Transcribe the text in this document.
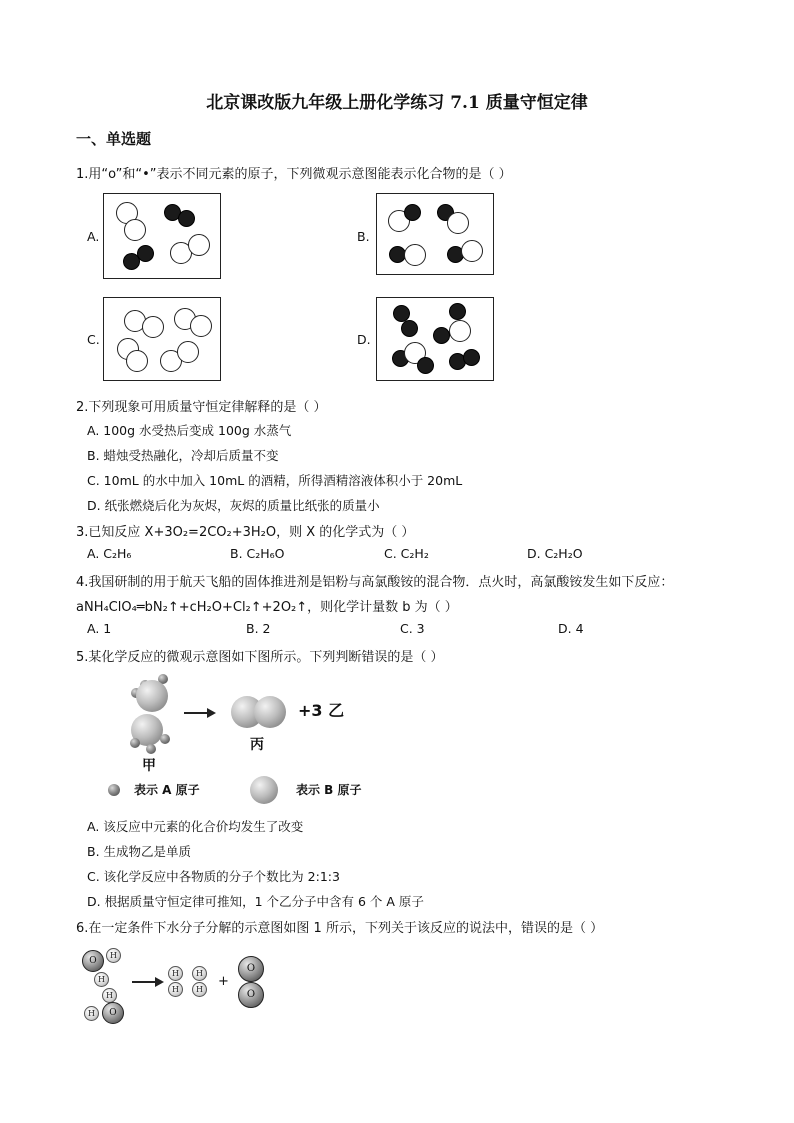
北京课改版九年级上册化学练习 7.1 质量守恒定律
一、单选题
1.用“o”和“•”表示不同元素的原子，下列微观示意图能表示化合物的是（ ）
A.	B.
C.	D.
2.下列现象可用质量守恒定律解释的是（ ）
A. 100g 水受热后变成 100g 水蒸气
B. 蜡烛受热融化，冷却后质量不变
C. 10mL 的水中加入 10mL 的酒精，所得酒精溶液体积小于 20mL
D. 纸张燃烧后化为灰烬，灰烬的质量比纸张的质量小
3.已知反应 X+3O₂=2CO₂+3H₂O，则 X 的化学式为（ ）
A. C₂H₆	B. C₂H₆O	C. C₂H₂	D. C₂H₂O
4.我国研制的用于航天飞船的固体推进剂是铝粉与高氯酸铵的混合物．点火时，高氯酸铵发生如下反应：
aNH₄ClO₄═bN₂↑+cH₂O+Cl₂↑+2O₂↑，则化学计量数 b 为（ ）
A. 1	B. 2	C. 3	D. 4
5.某化学反应的微观示意图如下图所示。下列判断错误的是（ ）
甲
丙
+3 乙
表示 A 原子	表示 B 原子
A. 该反应中元素的化合价均发生了改变
B. 生成物乙是单质
C. 该化学反应中各物质的分子个数比为 2:1:3
D. 根据质量守恒定律可推知，1 个乙分子中含有 6 个 A 原子
6.在一定条件下水分子分解的示意图如图 1 所示，下列关于该反应的说法中，错误的是（ ）
O
H
H
H
O
H
H
H
H
H
+
O
O
